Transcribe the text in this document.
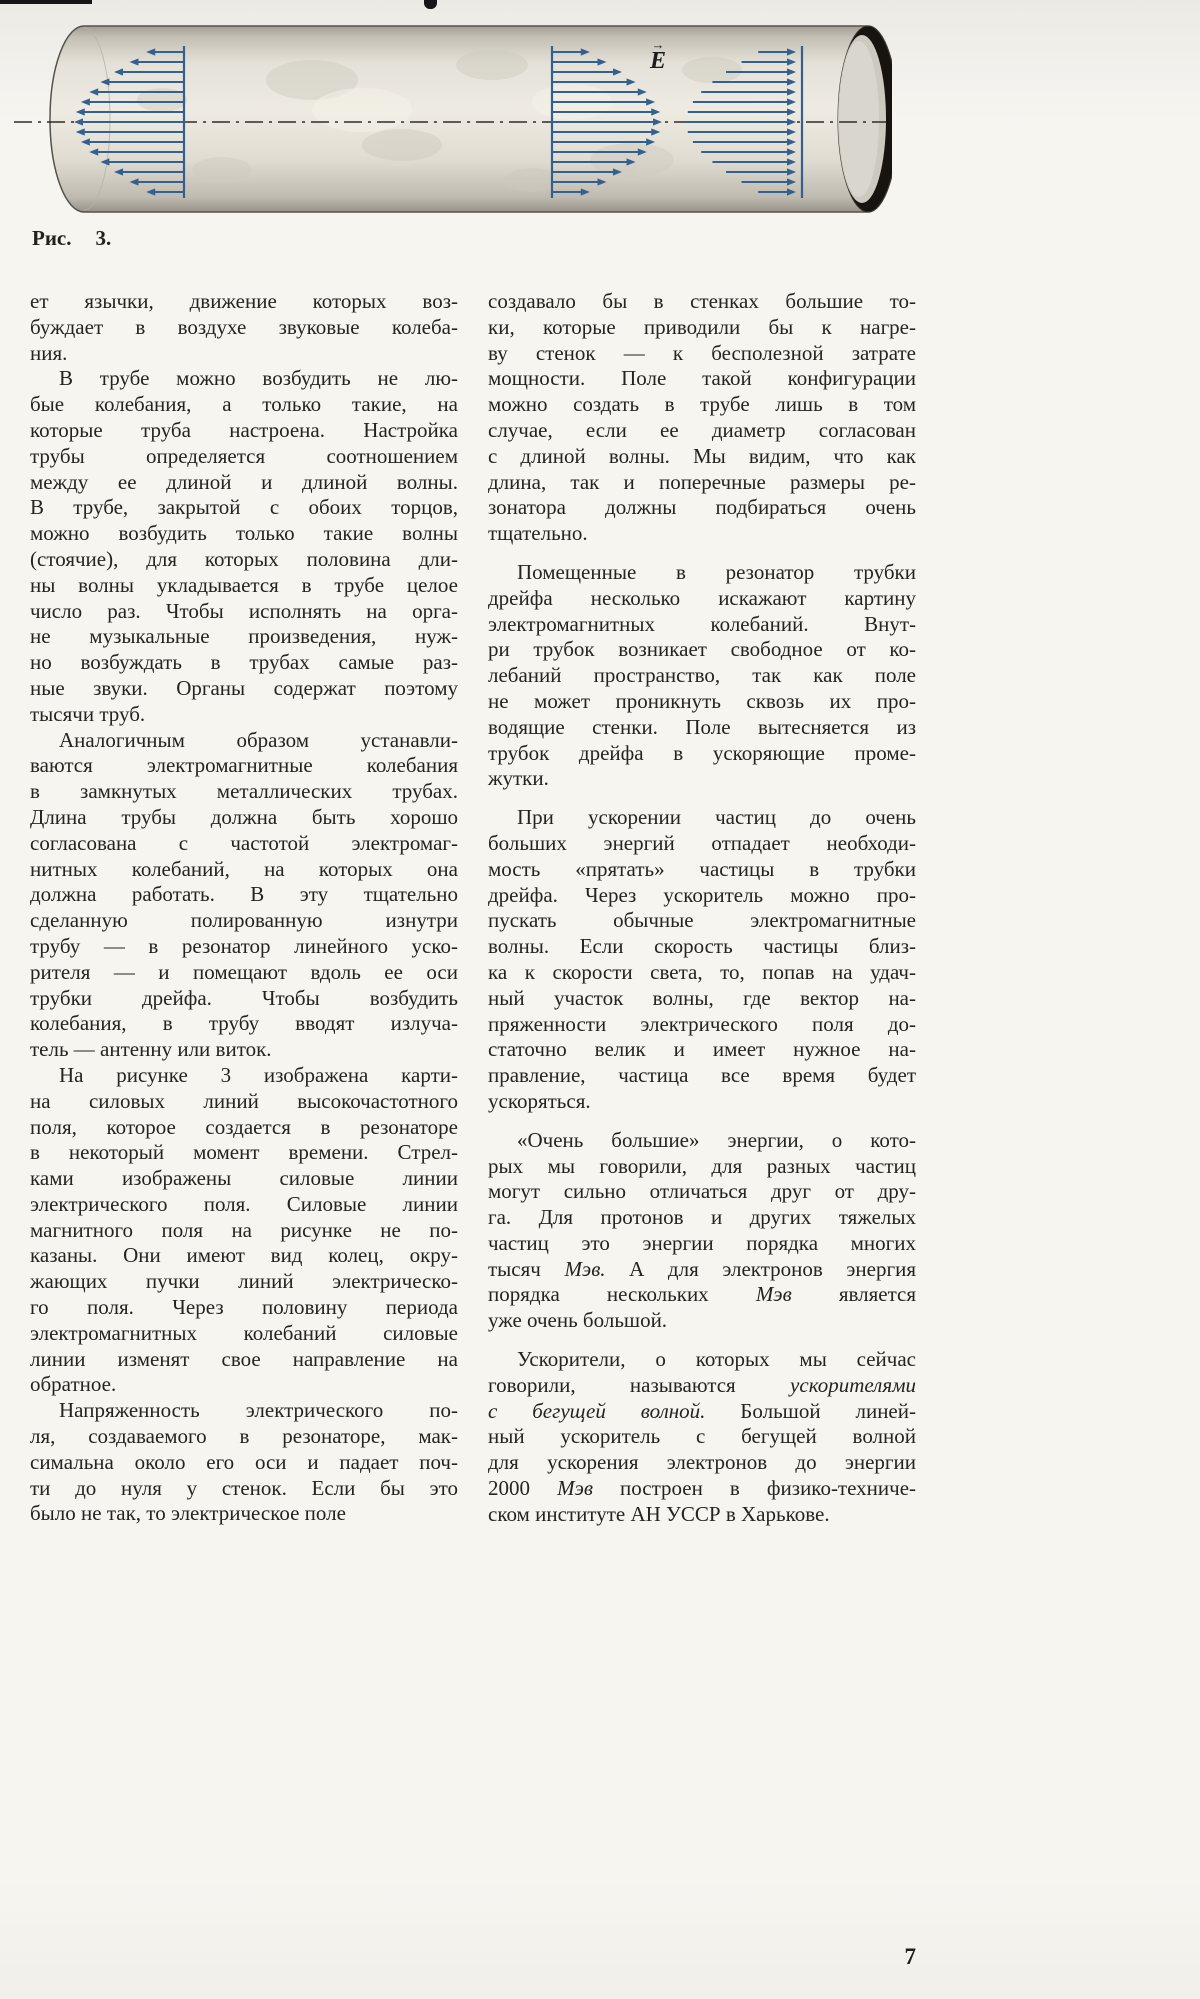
→
E
Рис. 3.
ет язычки, движение которых воз-
буждает в воздухе звуковые колеба-
ния.
В трубе можно возбудить не лю-
бые колебания, а только такие, на
которые труба настроена. Настройка
трубы определяется соотношением
между ее длиной и длиной волны.
В трубе, закрытой с обоих торцов,
можно возбудить только такие волны
(стоячие), для которых половина дли-
ны волны укладывается в трубе целое
число раз. Чтобы исполнять на орга-
не музыкальные произведения, нуж-
но возбуждать в трубах самые раз-
ные звуки. Органы содержат поэтому
тысячи труб.
Аналогичным образом устанавли-
ваются электромагнитные колебания
в замкнутых металлических трубах.
Длина трубы должна быть хорошо
согласована с частотой электромаг-
нитных колебаний, на которых она
должна работать. В эту тщательно
сделанную полированную изнутри
трубу — в резонатор линейного уско-
рителя — и помещают вдоль ее оси
трубки дрейфа. Чтобы возбудить
колебания, в трубу вводят излуча-
тель — антенну или виток.
На рисунке 3 изображена карти-
на силовых линий высокочастотного
поля, которое создается в резонаторе
в некоторый момент времени. Стрел-
ками изображены силовые линии
электрического поля. Силовые линии
магнитного поля на рисунке не по-
казаны. Они имеют вид колец, окру-
жающих пучки линий электрическо-
го поля. Через половину периода
электромагнитных колебаний силовые
линии изменят свое направление на
обратное.
Напряженность электрического по-
ля, создаваемого в резонаторе, мак-
симальна около его оси и падает поч-
ти до нуля у стенок. Если бы это
было не так, то электрическое поле
создавало бы в стенках большие то-
ки, которые приводили бы к нагре-
ву стенок — к бесполезной затрате
мощности. Поле такой конфигурации
можно создать в трубе лишь в том
случае, если ее диаметр согласован
с длиной волны. Мы видим, что как
длина, так и поперечные размеры ре-
зонатора должны подбираться очень
тщательно.
Помещенные в резонатор трубки
дрейфа несколько искажают картину
электромагнитных колебаний. Внут-
ри трубок возникает свободное от ко-
лебаний пространство, так как поле
не может проникнуть сквозь их про-
водящие стенки. Поле вытесняется из
трубок дрейфа в ускоряющие проме-
жутки.
При ускорении частиц до очень
больших энергий отпадает необходи-
мость «прятать» частицы в трубки
дрейфа. Через ускоритель можно про-
пускать обычные электромагнитные
волны. Если скорость частицы близ-
ка к скорости света, то, попав на удач-
ный участок волны, где вектор на-
пряженности электрического поля до-
статочно велик и имеет нужное на-
правление, частица все время будет
ускоряться.
«Очень большие» энергии, о кото-
рых мы говорили, для разных частиц
могут сильно отличаться друг от дру-
га. Для протонов и других тяжелых
частиц это энергии порядка многих
тысяч Мэв. А для электронов энергия
порядка нескольких Мэв является
уже очень большой.
Ускорители, о которых мы сейчас
говорили, называются ускорителями
с бегущей волной. Большой линей-
ный ускоритель с бегущей волной
для ускорения электронов до энергии
2000 Мэв построен в физико-техниче-
ском институте АН УССР в Харькове.
7
